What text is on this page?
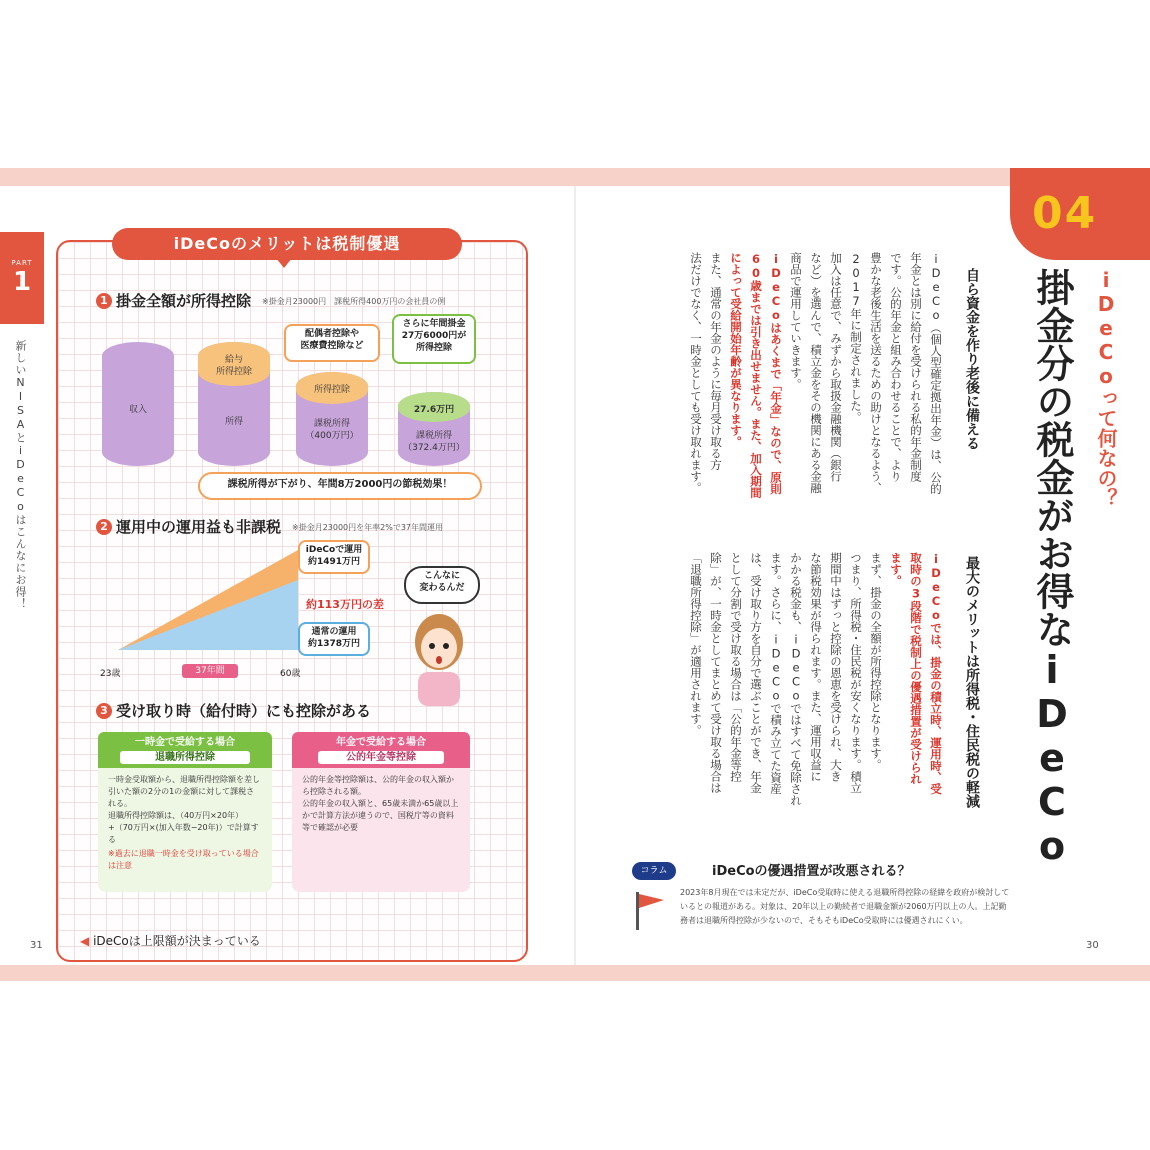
PART
1
新しいNISAとiDeCoはこんなにお得！
iDeCoのメリットは税制優遇
1 掛金全額が所得控除 ※掛金月23000円　課税所得400万円の会社員の例
収入
給与
所得控除
所得
所得控除
課税所得
（400万円）
27.6万円
課税所得
（372.4万円）
配偶者控除や
医療費控除など
さらに年間掛金
27万6000円が
所得控除
課税所得が下がり、年間8万2000円の節税効果！
2 運用中の運用益も非課税 ※掛金月23000円を年率2%で37年間運用
iDeCoで運用
約1491万円
約113万円の差
通常の運用
約1378万円
23歳	37年間	60歳
こんなに
変わるんだ
3 受け取り時（給付時）にも控除がある
一時金で受給する場合
退職所得控除
一時金受取額から、退職所得控除額を差し引いた額の2分の1の金額に対して課税される。
退職所得控除額は、（40万円×20年）+（70万円×(加入年数−20年)）で計算する
※過去に退職一時金を受け取っている場合は注意
年金で受給する場合
公的年金等控除
公的年金等控除額は、公的年金の収入額から控除される額。
公的年金の収入額と、65歳未満か65歳以上かで計算方法が違うので、国税庁等の資料等で確認が必要
31	◀ iDeCoは上限額が決まっている
04
iDeCoって何なの？
掛金分の税金がお得なiDeCo
自ら資金を作り老後に備える
iDeCo（個人型確定拠出年金）は、公的
年金とは別に給付を受けられる私的年金制度
です。公的年金と組み合わせることで、より
豊かな老後生活を送るための助けとなるよう、
2017年に制定されました。
加入は任意で、みずから取扱金融機関（銀行
など）を選んで、積立金をその機関にある金融
商品で運用していきます。
iDeCoはあくまで「年金」なので、原則
60歳までは引き出せません。また、加入期間
によって受給開始年齢が異なります。
また、通常の年金のように毎月受け取る方
法だけでなく、一時金としても受け取れます。
最大のメリットは所得税・住民税の軽減
iDeCoでは、掛金の積立時、運用時、受
取時の3段階で税制上の優遇措置が受けられ
ます。
まず、掛金の全額が所得控除となります。
つまり、所得税・住民税が安くなります。積立
期間中はずっと控除の恩恵を受けられ、大き
な節税効果が得られます。また、運用収益に
かかる税金も、iDeCoではすべて免除され
ます。さらに、iDeCoで積み立てた資産
は、受け取り方を自分で選ぶことができ、年金
として分割で受け取る場合は「公的年金等控
除」が、一時金としてまとめて受け取る場合は
「退職所得控除」が適用されます。
コラム	iDeCoの優遇措置が改悪される？
2023年8月現在では未定だが、iDeCo受取時に使える退職所得控除の経緯を政府が検討しているとの報道がある。対象は、20年以上の勤続者で退職金額が2060万円以上の人。上記勤務者は退職所得控除が少ないので、そもそもiDeCo受取時には優遇されにくい。
30
